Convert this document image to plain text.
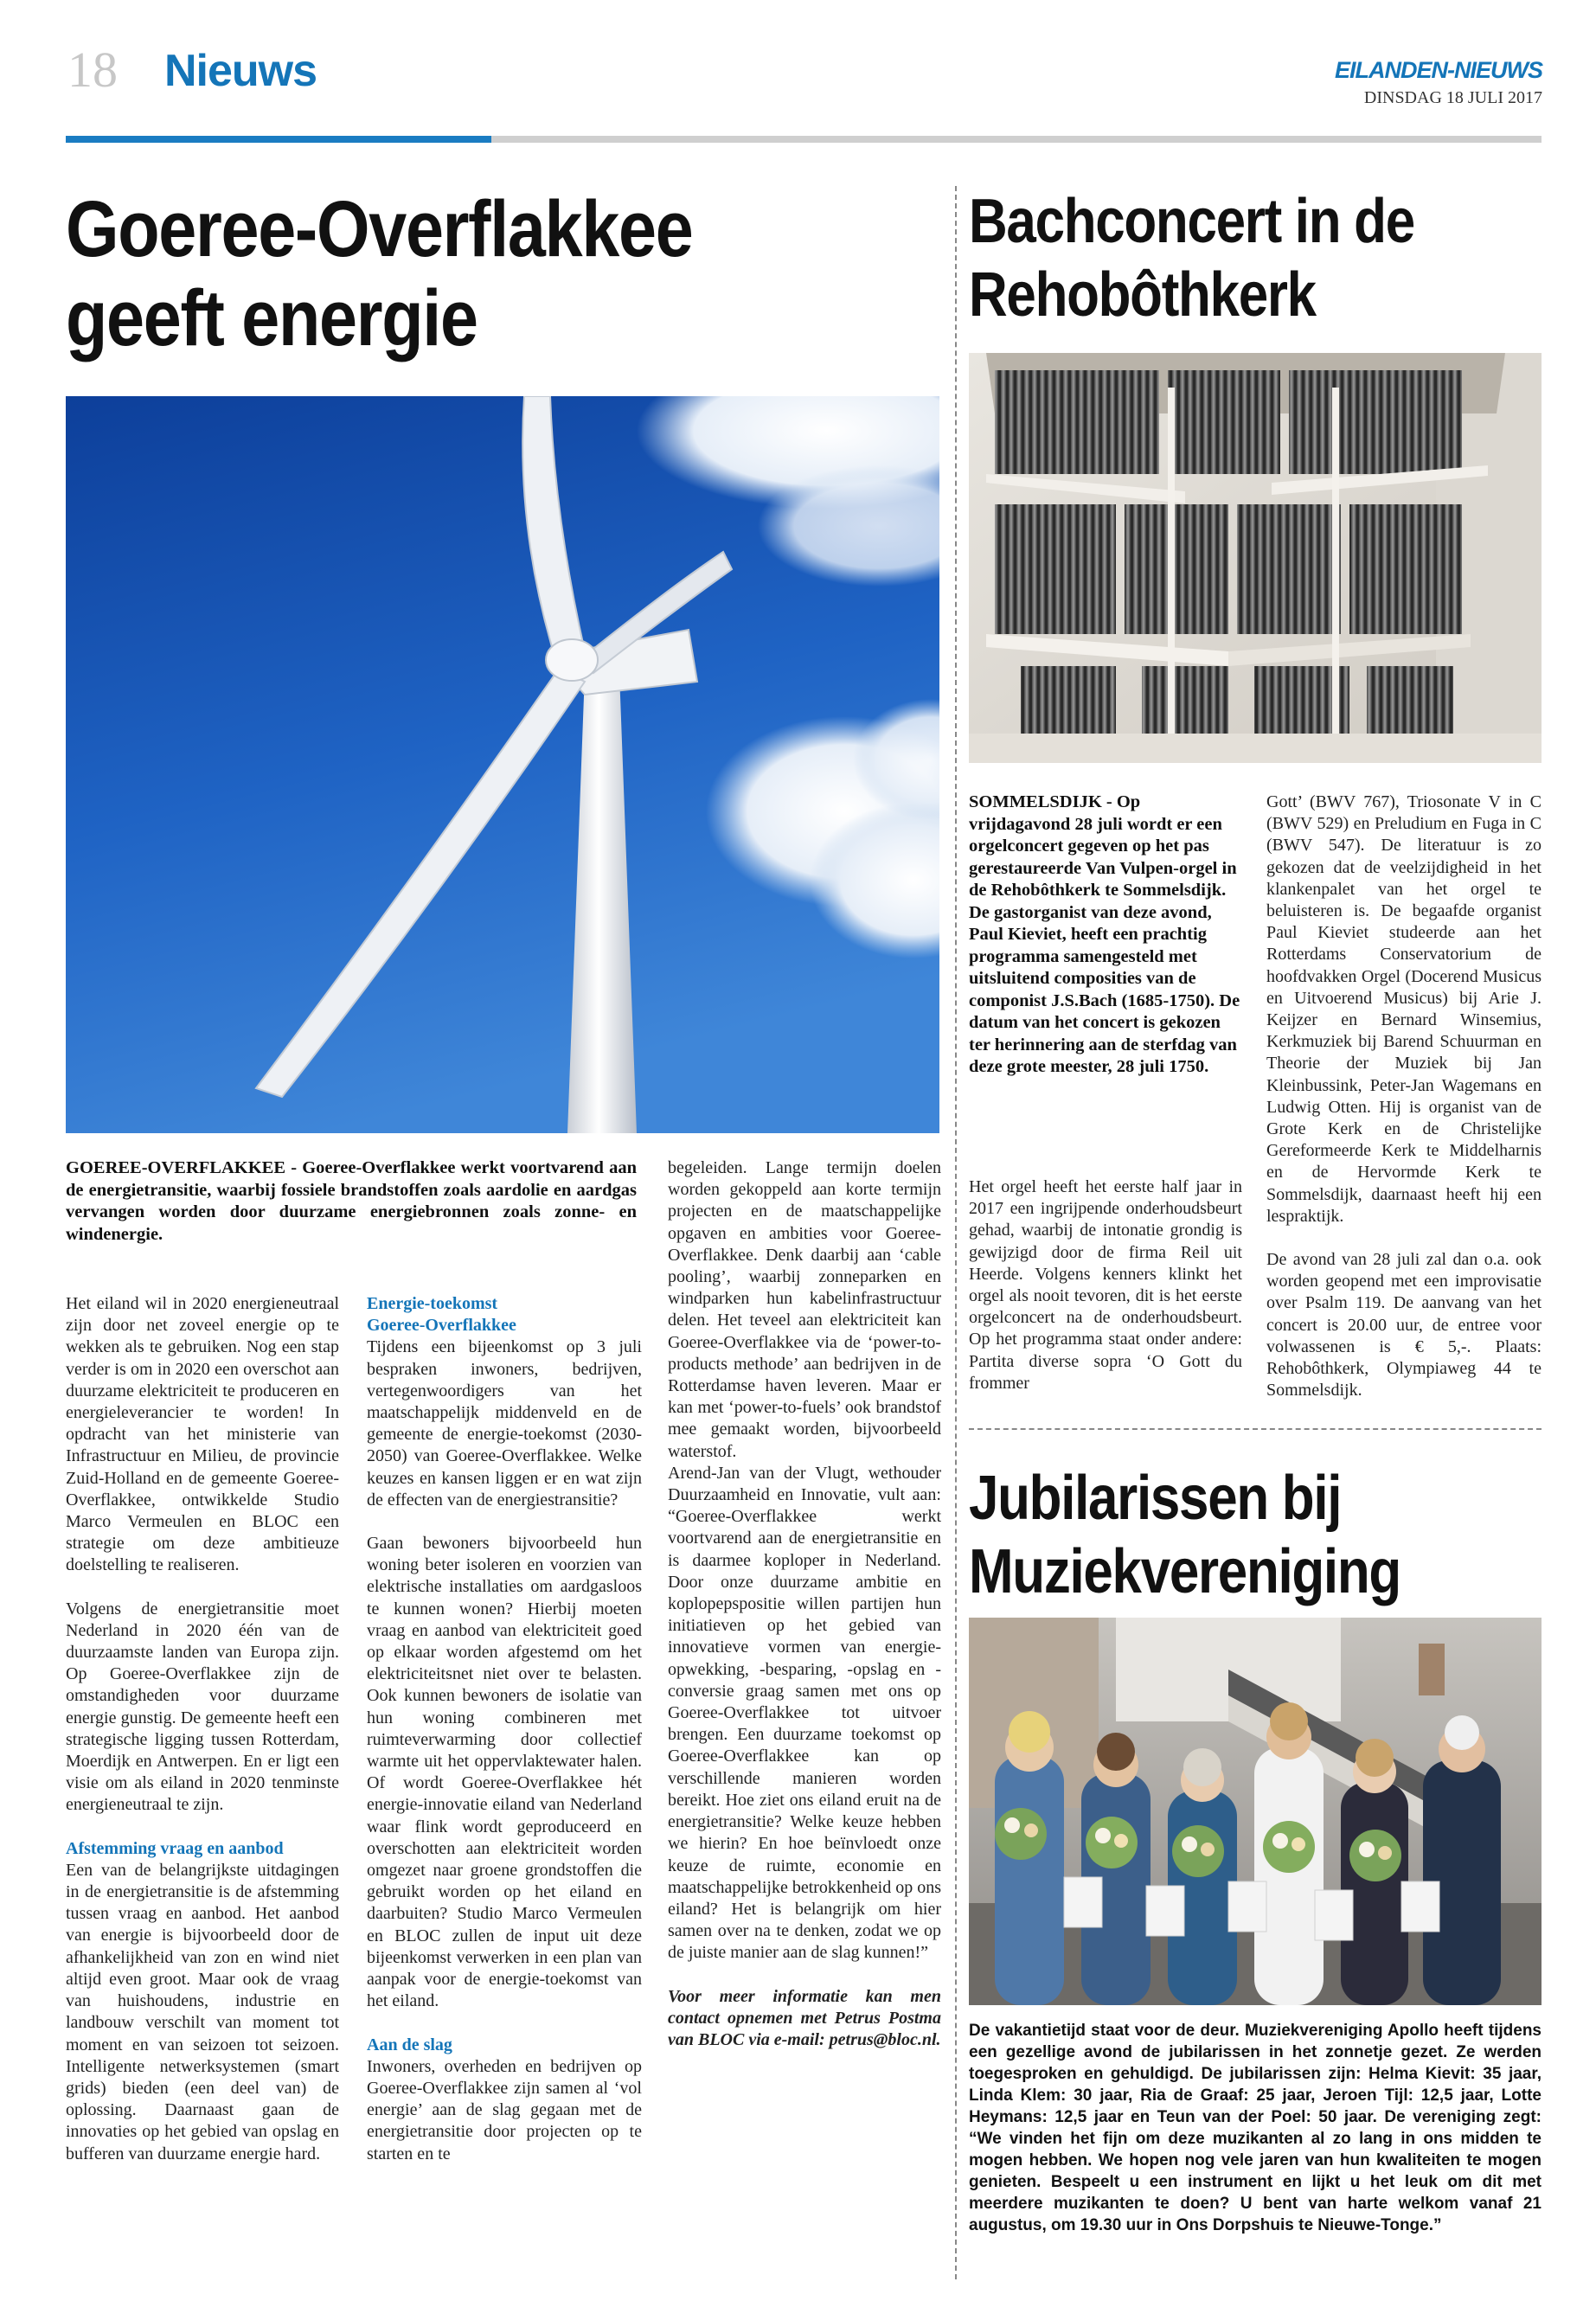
18 Nieuws	EILANDEN-NIEUWS
DINSDAG 18 JULI 2017
Goeree-Overflakkee
geeft energie
GOEREE-OVERFLAKKEE - Goeree-Overflakkee werkt voortvarend aan de energietransitie, waarbij fossiele brandstoffen zoals aardolie en aardgas vervangen worden door duurzame energiebronnen zoals zonne- en windenergie.

Het eiland wil in 2020 energieneutraal zijn door net zoveel energie op te wekken als te gebruiken. Nog een stap verder is om in 2020 een overschot aan duurzame elektriciteit te produceren en energieleverancier te worden! In opdracht van het ministerie van Infrastructuur en Milieu, de provincie Zuid-Holland en de gemeente Goeree-Overflakkee, ontwikkelde Studio Marco Vermeulen en BLOC een strategie om deze ambitieuze doelstelling te realiseren.

Volgens de energietransitie moet Nederland in 2020 één van de duurzaamste landen van Europa zijn. Op Goeree-Overflakkee zijn de omstandigheden voor duurzame energie gunstig. De gemeente heeft een strategische ligging tussen Rotterdam, Moerdijk en Antwerpen. En er ligt een visie om als eiland in 2020 tenminste energieneutraal te zijn.

Afstemming vraag en aanbod

Een van de belangrijkste uitdagingen in de energietransitie is de afstemming tussen vraag en aanbod. Het aanbod van energie is bijvoorbeeld door de afhankelijkheid van zon en wind niet altijd even groot. Maar ook de vraag van huishoudens, industrie en landbouw verschilt van moment tot moment en van seizoen tot seizoen. Intelligente netwerksystemen (smart grids) bieden (een deel van) de oplossing. Daarnaast gaan de innovaties op het gebied van opslag en bufferen van duurzame energie hard.

Energie-toekomst
Goeree-Overflakkee

Tijdens een bijeenkomst op 3 juli bespraken inwoners, bedrijven, vertegenwoordigers van het maatschappelijk middenveld en de gemeente de energie-toekomst (2030-2050) van Goeree-Overflakkee. Welke keuzes en kansen liggen er en wat zijn de effecten van de energiestransitie?

Gaan bewoners bijvoorbeeld hun woning beter isoleren en voorzien van elektrische installaties om aardgasloos te kunnen wonen? Hierbij moeten vraag en aanbod van elektriciteit goed op elkaar worden afgestemd om het elektriciteitsnet niet over te belasten. Ook kunnen bewoners de isolatie van hun woning combineren met ruimteverwarming door collectief warmte uit het oppervlaktewater halen. Of wordt Goeree-Overflakkee hét energie-innovatie eiland van Nederland waar flink wordt geproduceerd en overschotten aan elektriciteit worden omgezet naar groene grondstoffen die gebruikt worden op het eiland en daarbuiten? Studio Marco Vermeulen en BLOC zullen de input uit deze bijeenkomst verwerken in een plan van aanpak voor de energie-toekomst van het eiland.

Aan de slag

Inwoners, overheden en bedrijven op Goeree-Overflakkee zijn samen al ‘vol energie’ aan de slag gegaan met de energietransitie door projecten op te starten en te

begeleiden. Lange termijn doelen worden gekoppeld aan korte termijn projecten en de maatschappelijke opgaven en ambities voor Goeree-Overflakkee. Denk daarbij aan ‘cable pooling’, waarbij zonneparken en windparken hun kabelinfrastructuur delen. Het teveel aan elektriciteit kan Goeree-Overflakkee via de ‘power-to-products methode’ aan bedrijven in de Rotterdamse haven leveren. Maar er kan met ‘power-to-fuels’ ook brandstof mee gemaakt worden, bijvoorbeeld waterstof.

Arend-Jan van der Vlugt, wethouder Duurzaamheid en Innovatie, vult aan: “Goeree-Overflakkee werkt voortvarend aan de energietransitie en is daarmee koploper in Nederland. Door onze duurzame ambitie en koplopерspositie willen partijen hun initiatieven op het gebied van innovatieve vormen van energie-opwekking, -besparing, -opslag en -conversie graag samen met ons op Goeree-Overflakkee tot uitvoer brengen. Een duurzame toekomst op Goeree-Overflakkee kan op verschillende manieren worden bereikt. Hoe ziet ons eiland eruit na de energietransitie? Welke keuze hebben we hierin? En hoe beïnvloedt onze keuze de ruimte, economie en maatschappelijke betrokkenheid op ons eiland? Het is belangrijk om hier samen over na te denken, zodat we op de juiste manier aan de slag kunnen!”

Voor meer informatie kan men contact opnemen met Petrus Postma van BLOC via e-mail: petrus@bloc.nl.

Bachconcert in de
Rehobôthkerk
SOMMELSDIJK - Op vrijdagavond 28 juli wordt er een orgelconcert gegeven op het pas gerestaureerde Van Vulpen-orgel in de Rehobôthkerk te Sommelsdijk. De gastorganist van deze avond, Paul Kieviet, heeft een prachtig programma samengesteld met uitsluitend composities van de componist J.S.Bach (1685-1750). De datum van het concert is gekozen ter herinnering aan de sterfdag van deze grote meester, 28 juli 1750.

Het orgel heeft het eerste half jaar in 2017 een ingrijpende onderhoudsbeurt gehad, waarbij de intonatie grondig is gewijzigd door de firma Reil uit Heerde. Volgens kenners klinkt het orgel als nooit tevoren, dit is het eerste orgelconcert na de onderhoudsbeurt. Op het programma staat onder andere: Partita diverse sopra ‘O Gott du frommer

Gott’ (BWV 767), Triosonate V in C (BWV 529) en Preludium en Fuga in C (BWV 547). De literatuur is zo gekozen dat de veelzijdigheid in het klankenpalet van het orgel te beluisteren is. De begaafde organist Paul Kieviet studeerde aan het Rotterdams Conservatorium de hoofdvakken Orgel (Docerend Musicus en Uitvoerend Musicus) bij Arie J. Keijzer en Bernard Winsemius, Kerkmuziek bij Barend Schuurman en Theorie der Muziek bij Jan Kleinbussink, Peter-Jan Wagemans en Ludwig Otten. Hij is organist van de Grote Kerk en de Christelijke Gereformeerde Kerk te Middelharnis en de Hervormde Kerk te Sommelsdijk, daarnaast heeft hij een lespraktijk.

De avond van 28 juli zal dan o.a. ook worden geopend met een improvisatie over Psalm 119. De aanvang van het concert is 20.00 uur, de entree voor volwassenen is € 5,-. Plaats: Rehobôthkerk, Olympiaweg 44 te Sommelsdijk.

Jubilarissen bij
Muziekvereniging
De vakantietijd staat voor de deur. Muziekvereniging Apollo heeft tijdens een gezellige avond de jubilarissen in het zonnetje gezet. Ze werden toegesproken en gehuldigd. De jubilarissen zijn: Helma Kievit: 35 jaar, Linda Klem: 30 jaar, Ria de Graaf: 25 jaar, Jeroen Tijl: 12,5 jaar, Lotte Heymans: 12,5 jaar en Teun van der Poel: 50 jaar. De vereniging zegt: “We vinden het fijn om deze muzikanten al zo lang in ons midden te mogen hebben. We hopen nog vele jaren van hun kwaliteiten te mogen genieten. Bespeelt u een instrument en lijkt u het leuk om dit met meerdere muzikanten te doen? U bent van harte welkom vanaf 21 augustus, om 19.30 uur in Ons Dorpshuis te Nieuwe-Tonge.”
